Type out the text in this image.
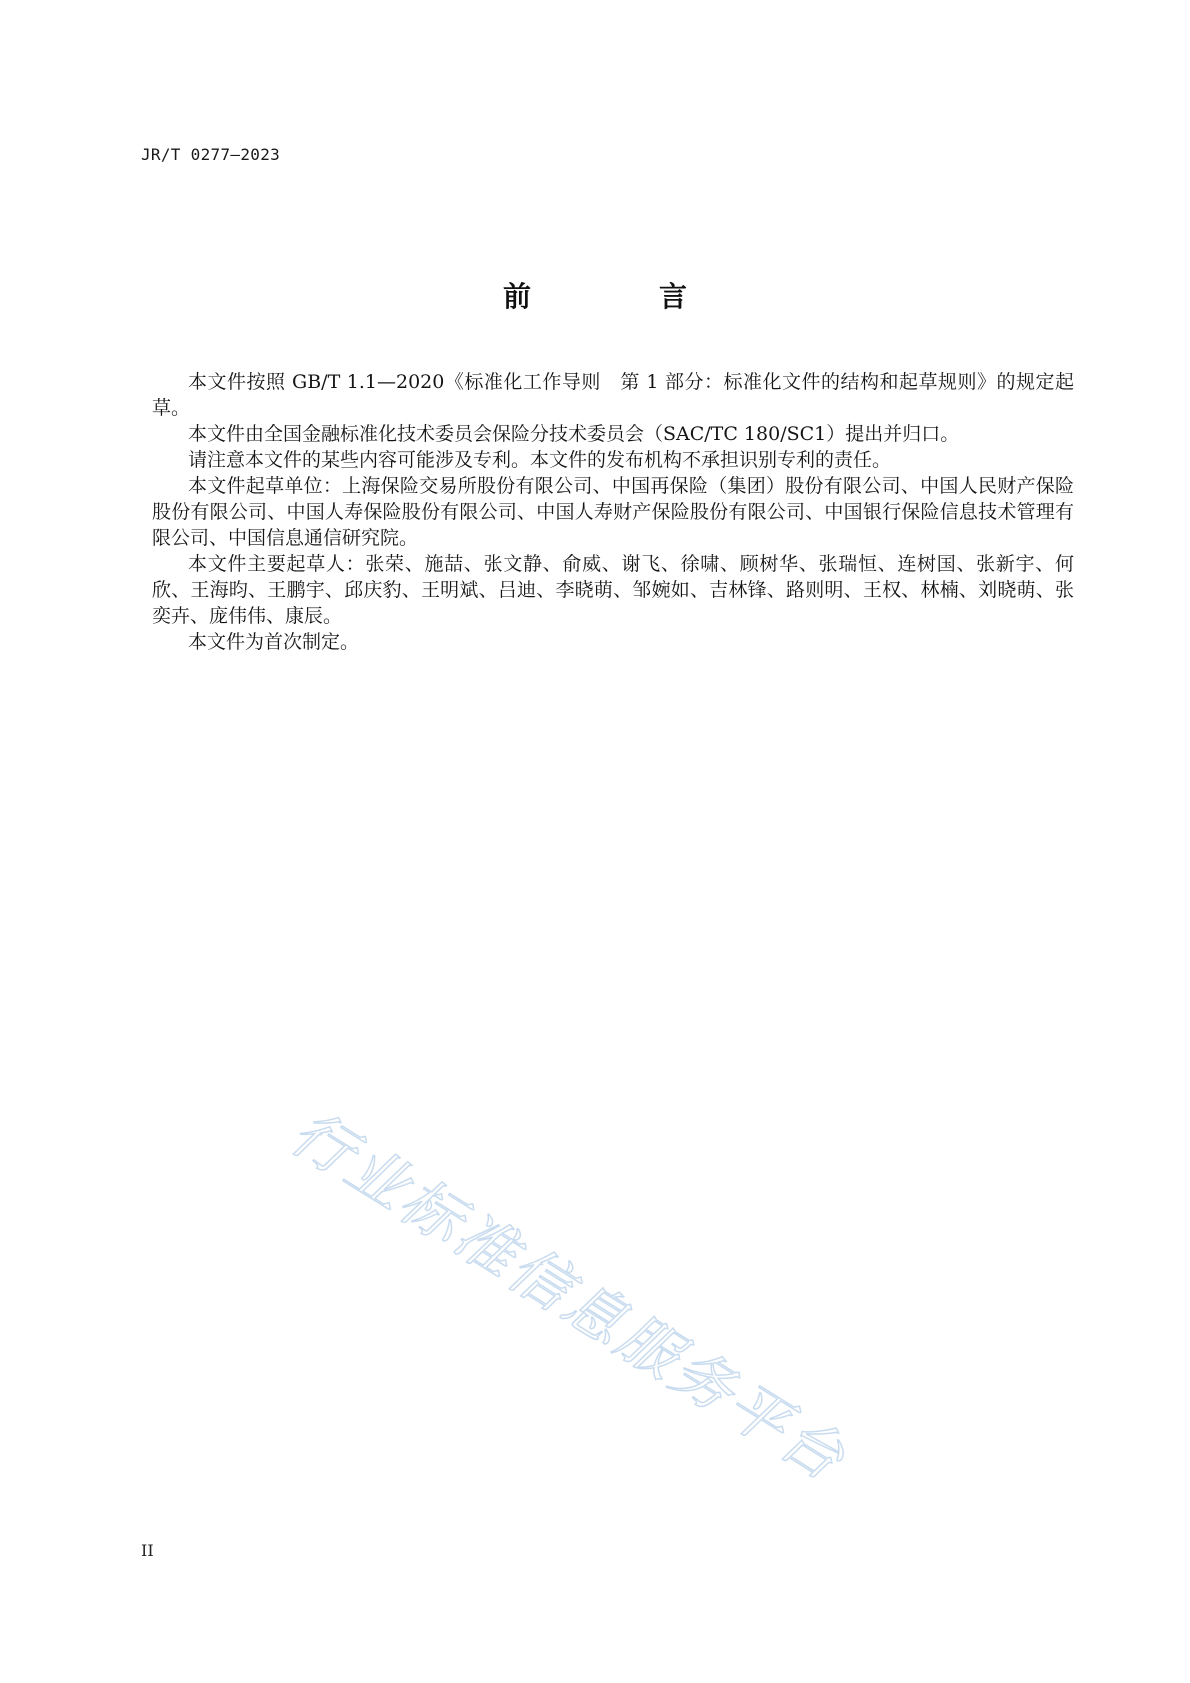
JR/T 0277—2023
前　言

本文件按照 GB/T 1.1—2020《标准化工作导则　第 1 部分：标准化文件的结构和起草规则》的规定起草。

本文件由全国金融标准化技术委员会保险分技术委员会（SAC/TC 180/SC1）提出并归口。

请注意本文件的某些内容可能涉及专利。本文件的发布机构不承担识别专利的责任。

本文件起草单位：上海保险交易所股份有限公司、中国再保险（集团）股份有限公司、中国人民财产保险股份有限公司、中国人寿保险股份有限公司、中国人寿财产保险股份有限公司、中国银行保险信息技术管理有限公司、中国信息通信研究院。

本文件主要起草人：张荣、施喆、张文静、俞威、谢飞、徐啸、顾树华、张瑞恒、连树国、张新宇、何欣、王海昀、王鹏宇、邱庆豹、王明斌、吕迪、李晓萌、邹婉如、吉林锋、路则明、王权、林楠、刘晓萌、张奕卉、庞伟伟、康辰。

本文件为首次制定。

行业标准信息服务平台
II
